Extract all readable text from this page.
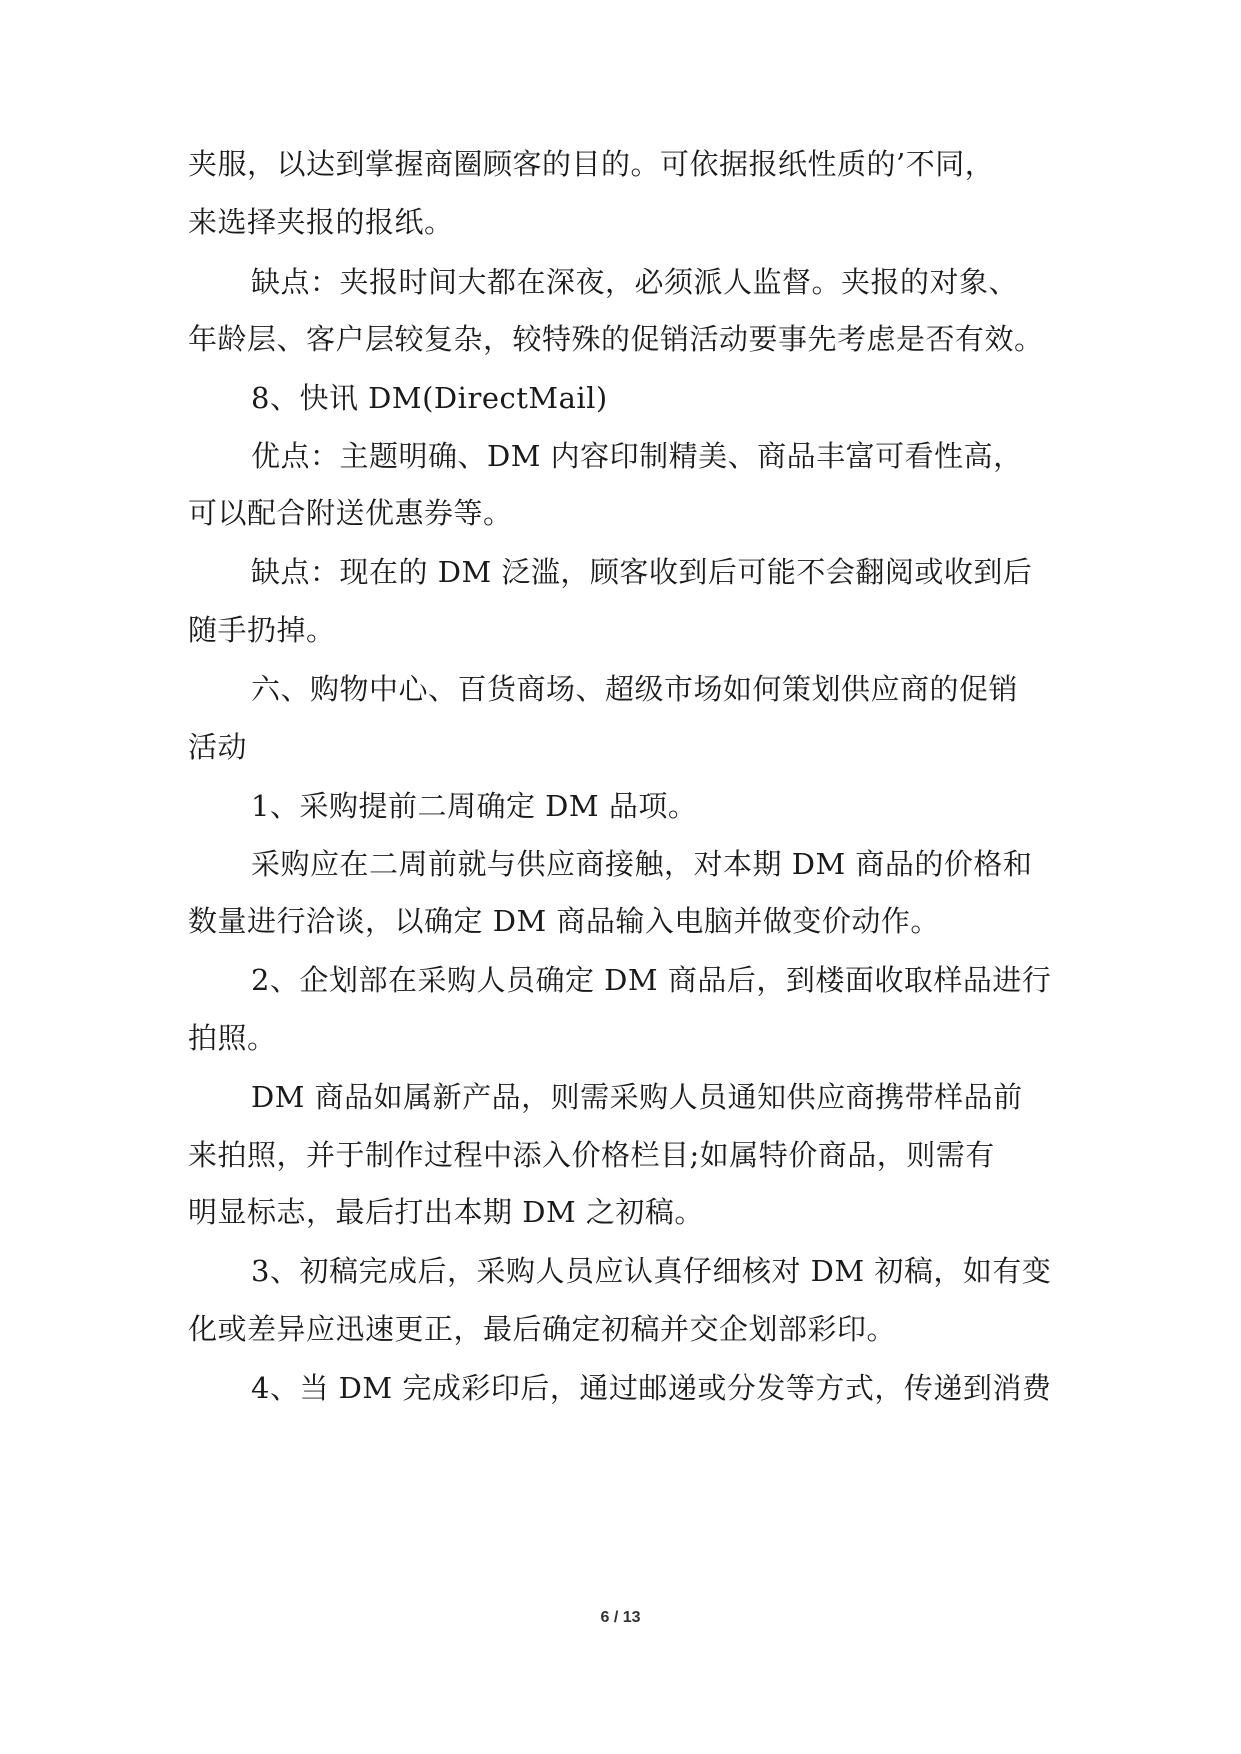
夹服，以达到掌握商圈顾客的目的。可依据报纸性质的’不同，
来选择夹报的报纸。
缺点：夹报时间大都在深夜，必须派人监督。夹报的对象、
年龄层、客户层较复杂，较特殊的促销活动要事先考虑是否有效。
8、快讯 DM(DirectMail)
优点：主题明确、DM 内容印制精美、商品丰富可看性高，
可以配合附送优惠券等。
缺点：现在的 DM 泛滥，顾客收到后可能不会翻阅或收到后
随手扔掉。
六、购物中心、百货商场、超级市场如何策划供应商的促销
活动
1、采购提前二周确定 DM 品项。
采购应在二周前就与供应商接触，对本期 DM 商品的价格和
数量进行洽谈，以确定 DM 商品输入电脑并做变价动作。
2、企划部在采购人员确定 DM 商品后，到楼面收取样品进行
拍照。
DM 商品如属新产品，则需采购人员通知供应商携带样品前
来拍照，并于制作过程中添入价格栏目;如属特价商品，则需有
明显标志，最后打出本期 DM 之初稿。
3、初稿完成后，采购人员应认真仔细核对 DM 初稿，如有变
化或差异应迅速更正，最后确定初稿并交企划部彩印。
4、当 DM 完成彩印后，通过邮递或分发等方式，传递到消费
6 / 13
